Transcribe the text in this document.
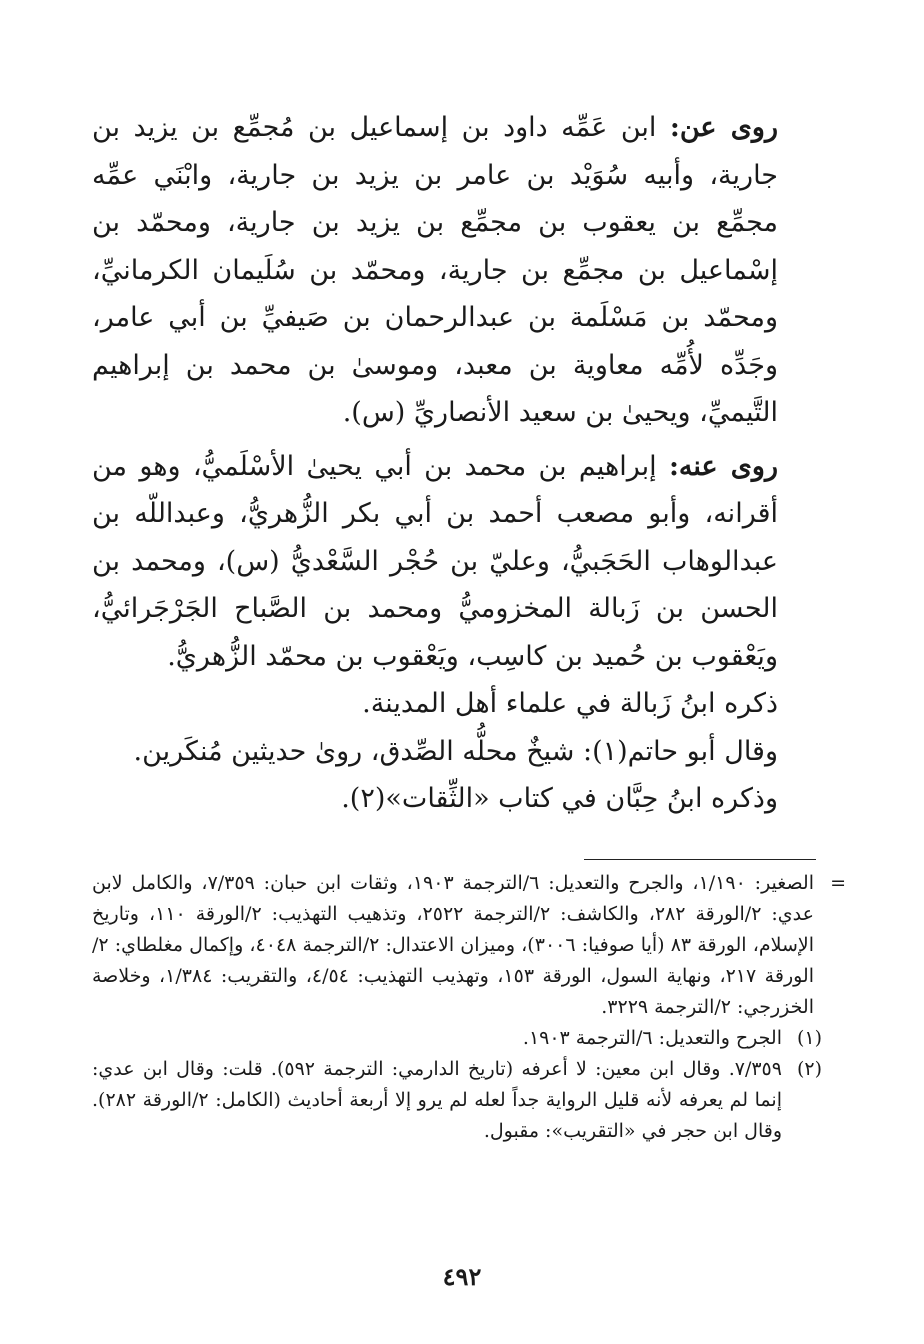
روى عن: ابن عَمِّه داود بن إسماعيل بن مُجمِّع بن يزيد بن جارية، وأبيه سُوَيْد بن عامر بن يزيد بن جارية، وابْنَي عمِّه مجمِّع بن يعقوب بن مجمِّع بن يزيد بن جارية، ومحمّد بن إسْماعيل بن مجمِّع بن جارية، ومحمّد بن سُلَيمان الكرمانيِّ، ومحمّد بن مَسْلَمة بن عبدالرحمان بن صَيفيِّ بن أبي عامر، وجَدِّه لأُمِّه معاوية بن معبد، وموسىٰ بن محمد بن إبراهيم التَّيميِّ، ويحيىٰ بن سعيد الأنصاريِّ (س).

روى عنه: إبراهيم بن محمد بن أبي يحيىٰ الأسْلَميُّ، وهو من أقرانه، وأبو مصعب أحمد بن أبي بكر الزُّهريُّ، وعبداللّه بن عبدالوهاب الحَجَبيُّ، وعليّ بن حُجْر السَّعْديُّ (س)، ومحمد بن الحسن بن زَبالة المخزوميُّ ومحمد بن الصَّباح الجَرْجَرائيُّ، ويَعْقوب بن حُميد بن كاسِب، ويَعْقوب بن محمّد الزُّهريُّ.

ذكره ابنُ زَبالة في علماء أهل المدينة.

وقال أبو حاتم(١): شيخٌ محلُّه الصِّدق، روىٰ حديثين مُنكَرين.

وذكره ابنُ حِبَّان في كتاب «الثِّقات»(٢).

=
الصغير: ١/١٩٠، والجرح والتعديل: ٦/الترجمة ١٩٠٣، وثقات ابن حبان: ٧/٣٥٩، والكامل لابن عدي: ٢/الورقة ٢٨٢، والكاشف: ٢/الترجمة ٢٥٢٢، وتذهيب التهذيب: ٢/الورقة ١١٠، وتاريخ الإسلام، الورقة ٨٣ (أيا صوفيا: ٣٠٠٦)، وميزان الاعتدال: ٢/الترجمة ٤٠٤٨، وإكمال مغلطاي: ٢/الورقة ٢١٧، ونهاية السول، الورقة ١٥٣، وتهذيب التهذيب: ٤/٥٤، والتقريب: ١/٣٨٤، وخلاصة الخزرجي: ٢/الترجمة ٣٢٢٩.

(١)
الجرح والتعديل: ٦/الترجمة ١٩٠٣.
(٢)
٧/٣٥٩. وقال ابن معين: لا أعرفه (تاريخ الدارمي: الترجمة ٥٩٢). قلت: وقال ابن عدي: إنما لم يعرفه لأنه قليل الرواية جداً لعله لم يرو إلا أربعة أحاديث (الكامل: ٢/الورقة ٢٨٢). وقال ابن حجر في «التقريب»: مقبول.
٤٩٢
